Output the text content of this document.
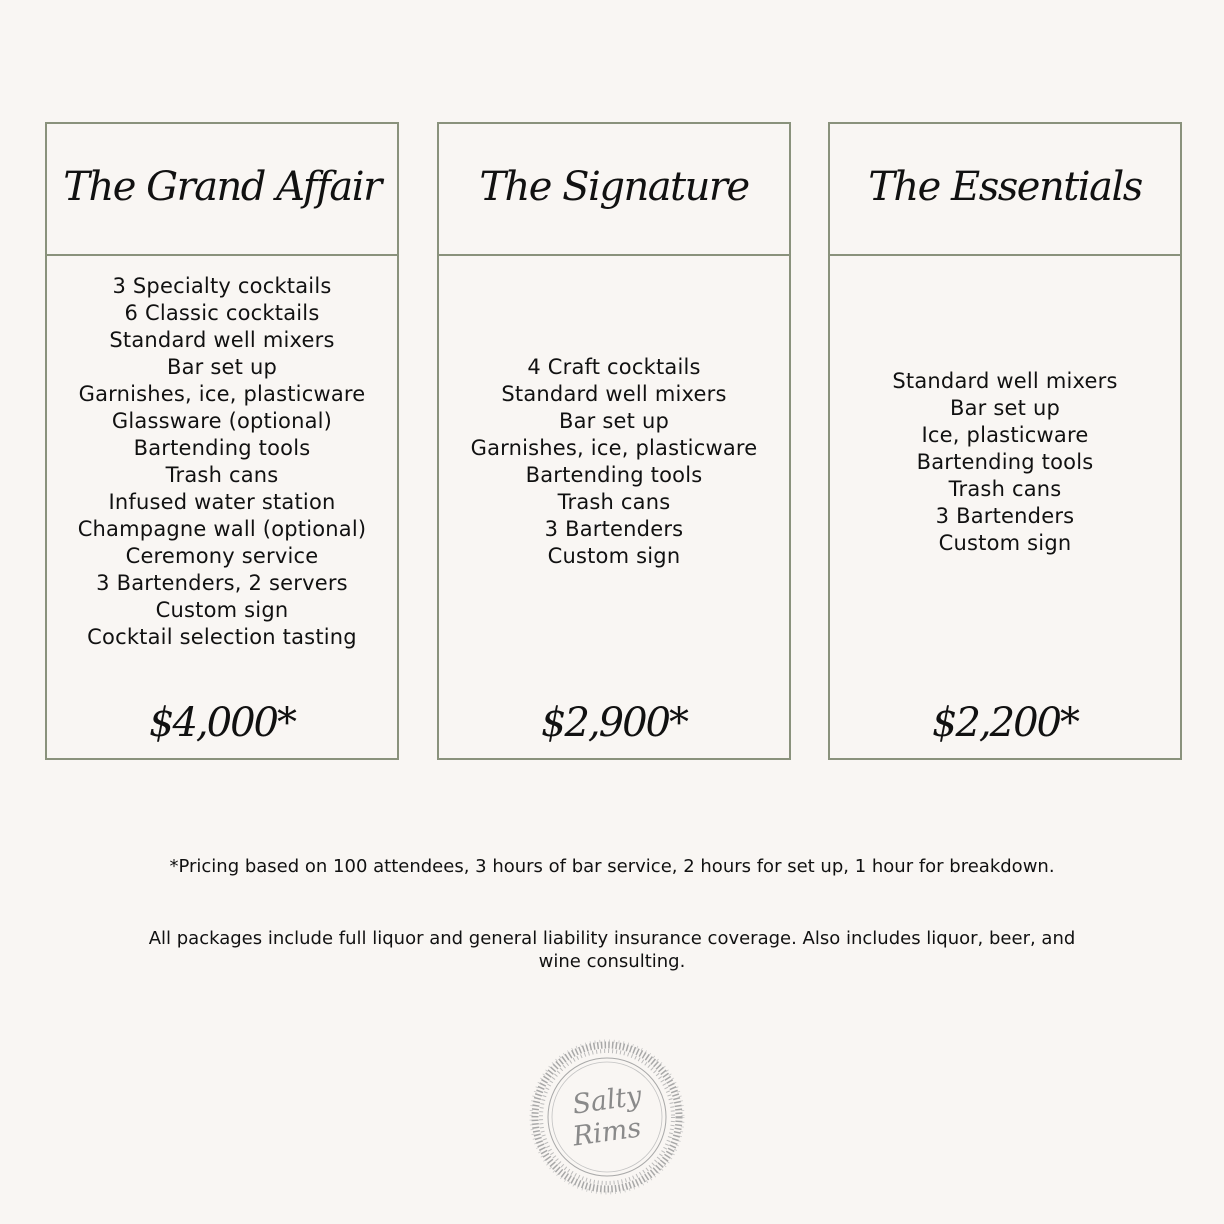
The Grand Affair
3 Specialty cocktails
6 Classic cocktails
Standard well mixers
Bar set up
Garnishes, ice, plasticware
Glassware (optional)
Bartending tools
Trash cans
Infused water station
Champagne wall (optional)
Ceremony service
3 Bartenders, 2 servers
Custom sign
Cocktail selection tasting
$4,000*
The Signature
4 Craft cocktails
Standard well mixers
Bar set up
Garnishes, ice, plasticware
Bartending tools
Trash cans
3 Bartenders
Custom sign
$2,900*
The Essentials
Standard well mixers
Bar set up
Ice, plasticware
Bartending tools
Trash cans
3 Bartenders
Custom sign
$2,200*
*Pricing based on 100 attendees, 3 hours of bar service, 2 hours for set up, 1 hour for breakdown.
All packages include full liquor and general liability insurance coverage. Also includes liquor, beer, and wine consulting.
Salty
Rims
